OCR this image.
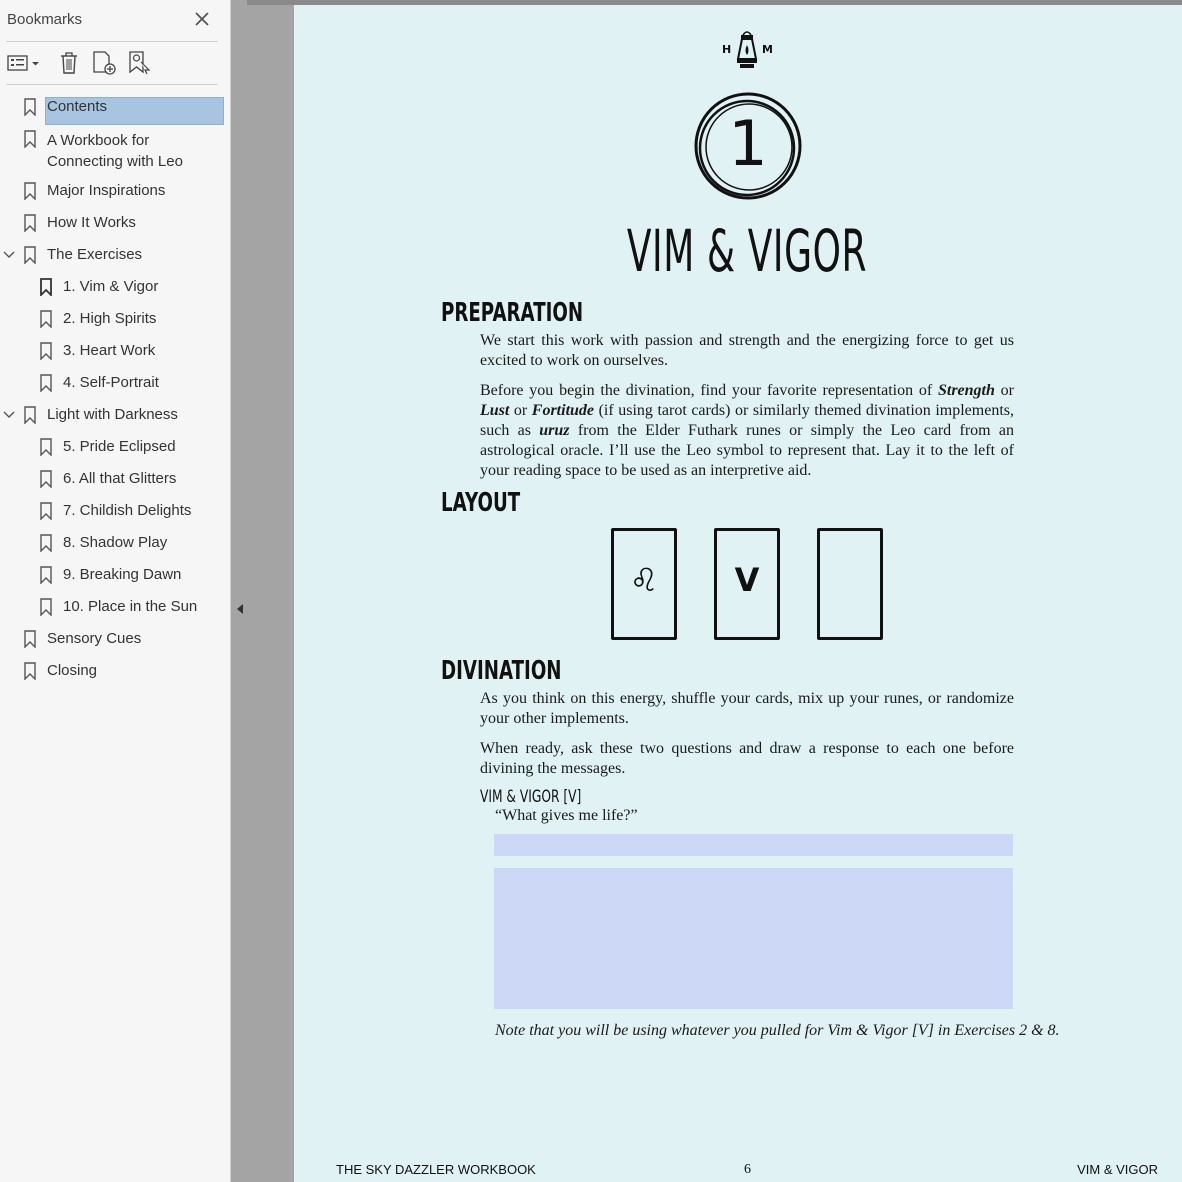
Bookmarks
Contents
A Workbook for
Connecting with Leo
Major Inspirations
How It Works
The Exercises
1. Vim & Vigor
2. High Spirits
3. Heart Work
4. Self-Portrait
Light with Darkness
5. Pride Eclipsed
6. All that Glitters
7. Childish Delights
8. Shadow Play
9. Breaking Dawn
10. Place in the Sun
Sensory Cues
Closing
H	M
1
VIM & VIGOR
PREPARATION

We start this work with passion and strength and the energizing force to get us excited to work on ourselves.

Before you begin the divination, find your favorite representation of Strength or Lust or Fortitude (if using tarot cards) or similarly themed divination implements, such as uruz from the Elder Futhark runes or simply the Leo card from an astrological oracle. I’ll use the Leo symbol to represent that. Lay it to the left of your reading space to be used as an interpretive aid.

LAYOUT
♌	V
DIVINATION

As you think on this energy, shuffle your cards, mix up your runes, or randomize your other implements.

When ready, ask these two questions and draw a response to each one before divining the messages.

VIM & VIGOR [V]
“What gives me life?”
Note that you will be using whatever you pulled for Vim & Vigor [V] in Exercises 2 & 8.
THE SKY DAZZLER WORKBOOK	6	VIM & VIGOR
